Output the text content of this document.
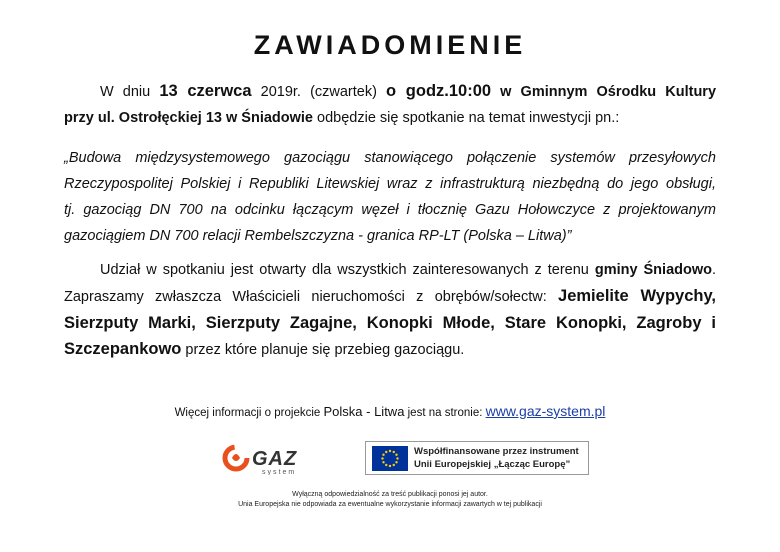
ZAWIADOMIENIE
W dniu 13 czerwca 2019r. (czwartek) o godz.10:00 w Gminnym Ośrodku Kultury
przy ul. Ostrołęckiej 13 w Śniadowie odbędzie się spotkanie na temat inwestycji pn.:
„Budowa międzysystemowego gazociągu stanowiącego połączenie systemów przesyłowych
Rzeczypospolitej Polskiej i Republiki Litewskiej wraz z infrastrukturą niezbędną do jego obsługi,
tj. gazociąg DN 700 na odcinku łączącym węzeł i tłocznię Gazu Hołowczyce z projektowanym
gazociągiem DN 700 relacji Rembelszczyzna - granica RP-LT (Polska – Litwa)”
Udział w spotkaniu jest otwarty dla wszystkich zainteresowanych z terenu gminy Śniadowo.
Zapraszamy zwłaszcza Właścicieli nieruchomości z obrębów/sołectw: Jemielite Wypychy,
Sierzputy Marki, Sierzputy Zagajne, Konopki Młode, Stare Konopki, Zagroby i
Szczepankowo przez które planuje się przebieg gazociągu.
Więcej informacji o projekcie Polska - Litwa jest na stronie: www.gaz-system.pl
GAZ
system
Współfinansowane przez instrument
Unii Europejskiej „Łącząc Europę”
Wyłączną odpowiedzialność za treść publikacji ponosi jej autor.
Unia Europejska nie odpowiada za ewentualne wykorzystanie informacji zawartych w tej publikacji
